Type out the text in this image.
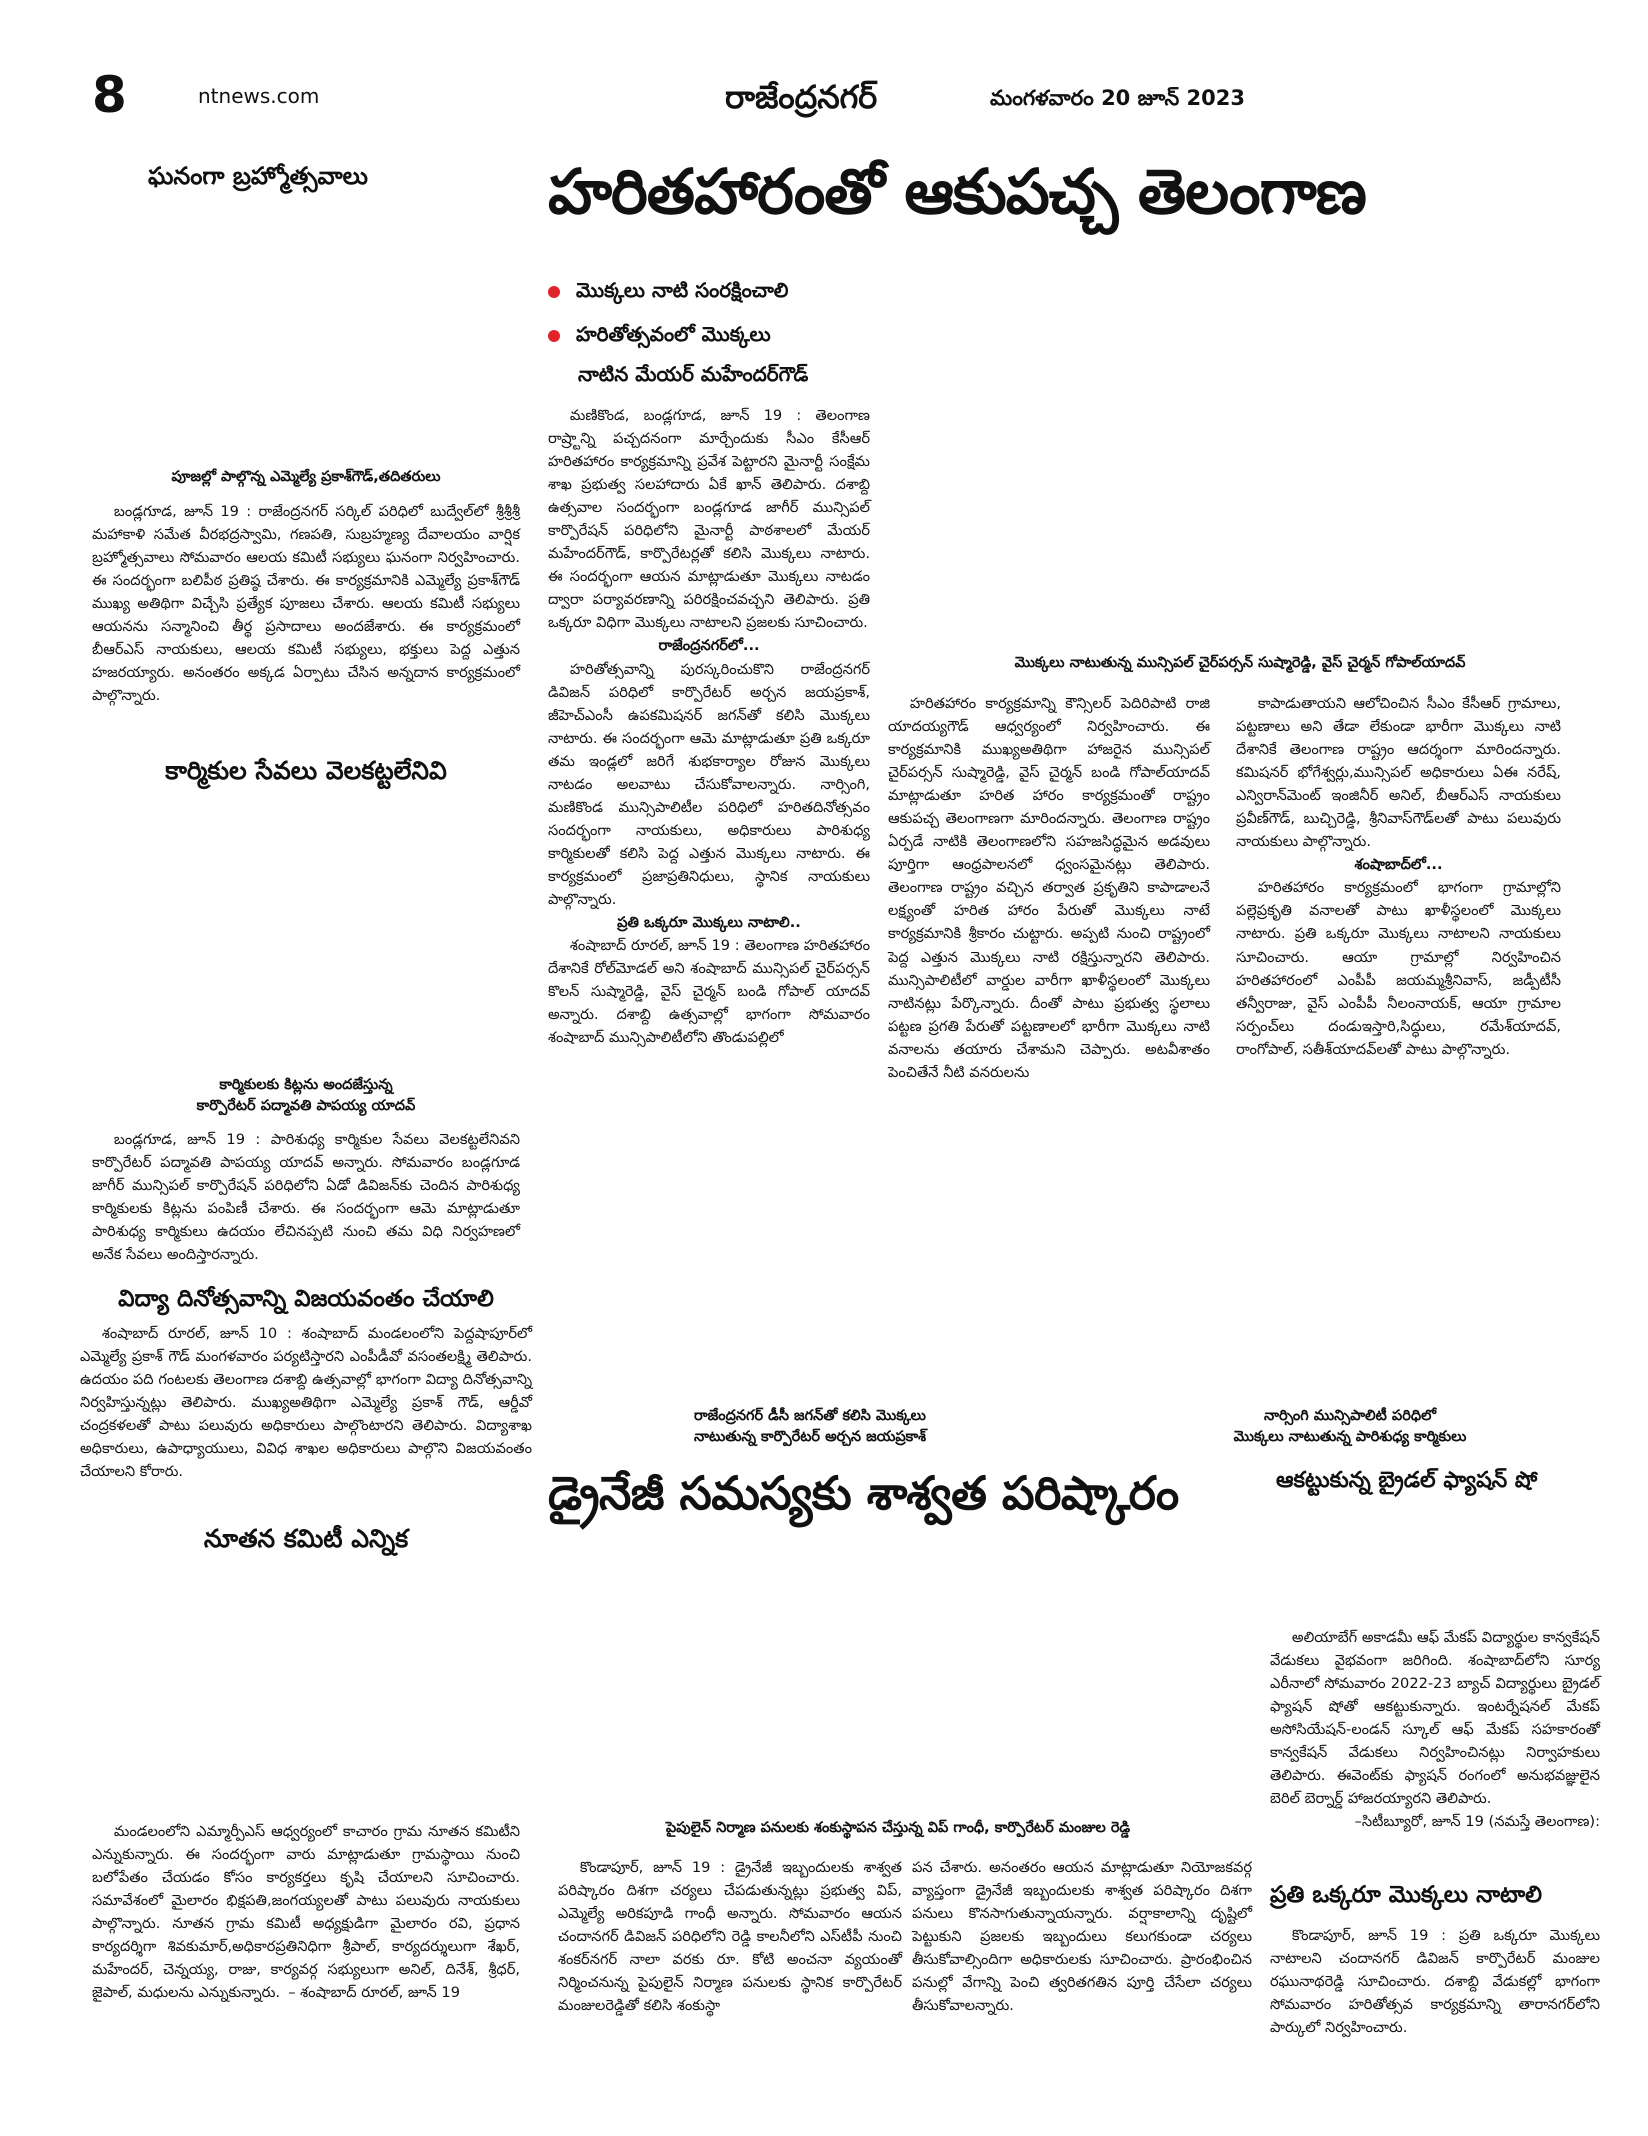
8	ntnews.com	రాజేంద్రనగర్	మంగళవారం 20 జూన్ 2023
హరితహారంతో ఆకుపచ్చ తెలంగాణ
మొక్కలు నాటి సంరక్షించాలి
హరితోత్సవంలో మొక్కలు
నాటిన మేయర్ మహేందర్‌గౌడ్
మొక్కలు నాటుతున్న మున్సిపల్ చైర్‌పర్సన్ సుష్మారెడ్డి, వైస్ చైర్మన్ గోపాల్‌యాదవ్

మణికొండ, బండ్లగూడ, జూన్ 19 : తెలంగాణ రాష్ర్టాన్ని పచ్చదనంగా మార్చేందుకు సీఎం కేసీఆర్ హరితహారం కార్యక్రమాన్ని ప్రవేశ పెట్టారని మైనార్టీ సంక్షేమ శాఖ ప్రభుత్వ సలహాదారు ఏకే ఖాన్ తెలిపారు. దశాబ్ది ఉత్సవాల సందర్భంగా బండ్లగూడ జాగీర్ మున్సిపల్ కార్పొరేషన్ పరిధిలోని మైనార్టీ పాఠశాలలో మేయర్ మహేందర్‌గౌడ్, కార్పొరేటర్లతో కలిసి మొక్కలు నాటారు. ఈ సందర్భంగా ఆయన మాట్లాడుతూ మొక్కలు నాటడం ద్వారా పర్యావరణాన్ని పరిరక్షించవచ్చని తెలిపారు. ప్రతి ఒక్కరూ విధిగా మొక్కలు నాటాలని ప్రజలకు సూచించారు.

రాజేంద్రనగర్‌లో...

హరితోత్సవాన్ని పురస్కరించుకొని రాజేంద్రనగర్ డివిజన్ పరిధిలో కార్పొరేటర్ అర్చన జయప్రకాశ్, జీహెచ్‌ఎంసీ ఉపకమిషనర్ జగన్‌తో కలిసి మొక్కలు నాటారు. ఈ సందర్భంగా ఆమె మాట్లాడుతూ ప్రతి ఒక్కరూ తమ ఇండ్లలో జరిగే శుభకార్యాల రోజున మొక్కలు నాటడం అలవాటు చేసుకోవాలన్నారు. నార్సింగి, మణికొండ మున్సిపాలిటీల పరిధిలో హరితదినోత్సవం సందర్భంగా నాయకులు, అధికారులు పారిశుధ్య కార్మికులతో కలిసి పెద్ద ఎత్తున మొక్కలు నాటారు. ఈ కార్యక్రమంలో ప్రజాప్రతినిధులు, స్థానిక నాయకులు పాల్గొన్నారు.

ప్రతి ఒక్కరూ మొక్కలు నాటాలి..

శంషాబాద్ రూరల్, జూన్ 19 : తెలంగాణ హరితహారం దేశానికే రోల్‌మోడల్ అని శంషాబాద్ మున్సిపల్ చైర్‌పర్సన్ కొలన్ సుష్మారెడ్డి, వైస్ చైర్మన్ బండి గోపాల్ యాదవ్ అన్నారు. దశాబ్ది ఉత్సవాల్లో భాగంగా సోమవారం శంషాబాద్ మున్సిపాలిటీలోని తొండుపల్లిలో

హరితహారం కార్యక్రమాన్ని కౌన్సిలర్ పెదిరిపాటి రాజి యాదయ్యగౌడ్ ఆధ్వర్యంలో నిర్వహించారు. ఈ కార్యక్రమానికి ముఖ్యఅతిథిగా హాజరైన మున్సిపల్ చైర్‌పర్సన్ సుష్మారెడ్డి, వైస్ చైర్మన్ బండి గోపాల్‌యాదవ్ మాట్లాడుతూ హరిత హారం కార్యక్రమంతో రాష్ట్రం ఆకుపచ్చ తెలంగాణగా మారిందన్నారు. తెలంగాణ రాష్ట్రం ఏర్పడే నాటికి తెలంగాణలోని సహజసిద్ధమైన అడవులు పూర్తిగా ఆంధ్రపాలనలో ధ్వంసమైనట్లు తెలిపారు. తెలంగాణ రాష్ట్రం వచ్చిన తర్వాత ప్రకృతిని కాపాడాలనే లక్ష్యంతో హరిత హారం పేరుతో మొక్కలు నాటే కార్యక్రమానికి శ్రీకారం చుట్టారు. అప్పటి నుంచి రాష్ట్రంలో పెద్ద ఎత్తున మొక్కలు నాటి రక్షిస్తున్నారని తెలిపారు. మున్సిపాలిటీలో వార్డుల వారీగా ఖాళీస్థలంలో మొక్కలు నాటినట్లు పేర్కొన్నారు. దీంతో పాటు ప్రభుత్వ స్థలాలు పట్టణ ప్రగతి పేరుతో పట్టణాలలో భారీగా మొక్కలు నాటి వనాలను తయారు చేశామని చెప్పారు. అటవీశాతం పెంచితేనే నీటి వనరులను

కాపాడుతాయని ఆలోచించిన సీఎం కేసీఆర్ గ్రామాలు, పట్టణాలు అని తేడా లేకుండా భారీగా మొక్కలు నాటి దేశానికే తెలంగాణ రాష్ట్రం ఆదర్శంగా మారిందన్నారు. కమిషనర్ భోగేశ్వర్లు,మున్సిపల్ అధికారులు ఏఈ నరేష్, ఎన్విరాన్‌మెంట్ ఇంజినీర్ అనిల్, బీఆర్‌ఎస్ నాయకులు ప్రవీణ్‌గౌడ్, బుచ్చిరెడ్డి, శ్రీనివాస్‌గౌడ్‌లతో పాటు పలువురు నాయకులు పాల్గొన్నారు.

శంషాబాద్‌లో...

హరితహారం కార్యక్రమంలో భాగంగా గ్రామాల్లోని పల్లెప్రకృతి వనాలతో పాటు ఖాళీస్థలంలో మొక్కలు నాటారు. ప్రతి ఒక్కరూ మొక్కలు నాటాలని నాయకులు సూచించారు. ఆయా గ్రామాల్లో నిర్వహించిన హరితహారంలో ఎంపీపీ జయమ్మశ్రీనివాస్, జడ్పీటీసీ తన్వీరాజు, వైస్ ఎంపీపీ నీలంనాయక్, ఆయా గ్రామాల సర్పంచ్‌లు దండుఇస్తారి,సిద్ధులు, రమేశ్‌యాదవ్, రాంగోపాల్, సతీశ్‌యాదవ్‌లతో పాటు పాల్గొన్నారు.

ఘనంగా బ్రహ్మోత్సవాలు
పూజల్లో పాల్గొన్న ఎమ్మెల్యే ప్రకాశ్‌గౌడ్,తదితరులు

బండ్లగూడ, జూన్ 19 : రాజేంద్రనగర్ సర్కిల్ పరిధిలో బుద్వేల్‌లో శ్రీశ్రీశ్రీ మహాకాళి సమేత వీరభద్రస్వామి, గణపతి, సుబ్రహ్మణ్య దేవాలయం వార్షిక బ్రహ్మోత్సవాలు సోమవారం ఆలయ కమిటీ సభ్యులు ఘనంగా నిర్వహించారు. ఈ సందర్భంగా బలిపీఠ ప్రతిష్ఠ చేశారు. ఈ కార్యక్రమానికి ఎమ్మెల్యే ప్రకాశ్‌గౌడ్ ముఖ్య అతిథిగా విచ్చేసి ప్రత్యేక పూజలు చేశారు. ఆలయ కమిటీ సభ్యులు ఆయనను సన్మానించి తీర్థ ప్రసాదాలు అందజేశారు. ఈ కార్యక్రమంలో బీఆర్‌ఎస్ నాయకులు, ఆలయ కమిటీ సభ్యులు, భక్తులు పెద్ద ఎత్తున హజరయ్యారు. అనంతరం అక్కడ ఏర్పాటు చేసిన అన్నదాన కార్యక్రమంలో పాల్గొన్నారు.

కార్మికుల సేవలు వెలకట్టలేనివి
కార్మికులకు కిట్లను అందజేస్తున్న
కార్పొరేటర్ పద్మావతి పాపయ్య యాదవ్

బండ్లగూడ, జూన్ 19 : పారిశుధ్య కార్మికుల సేవలు వెలకట్టలేనివని కార్పొరేటర్ పద్మావతి పాపయ్య యాదవ్ అన్నారు. సోమవారం బండ్లగూడ జాగీర్ మున్సిపల్ కార్పొరేషన్ పరిధిలోని ఏడో డివిజన్‌కు చెందిన పారిశుధ్య కార్మికులకు కిట్లను పంపిణీ చేశారు. ఈ సందర్భంగా ఆమె మాట్లాడుతూ పారిశుధ్య కార్మికులు ఉదయం లేచినప్పటి నుంచి తమ విధి నిర్వహణలో అనేక సేవలు అందిస్తారన్నారు.

విద్యా దినోత్సవాన్ని విజయవంతం చేయాలి

శంషాబాద్ రూరల్, జూన్ 10 : శంషాబాద్ మండలంలోని పెద్దషాపూర్‌లో ఎమ్మెల్యే ప్రకాశ్ గౌడ్ మంగళవారం పర్యటిస్తారని ఎంపీడీవో వసంతలక్ష్మి తెలిపారు. ఉదయం పది గంటలకు తెలంగాణ దశాబ్ది ఉత్సవాల్లో భాగంగా విద్యా దినోత్సవాన్ని నిర్వహిస్తున్నట్లు తెలిపారు. ముఖ్యఅతిథిగా ఎమ్మెల్యే ప్రకాశ్ గౌడ్, ఆర్డీవో చంద్రకళలతో పాటు పలువురు అధికారులు పాల్గొంటారని తెలిపారు. విద్యాశాఖ అధికారులు, ఉపాధ్యాయులు, వివిధ శాఖల అధికారులు పాల్గొని విజయవంతం చేయాలని కోరారు.

నూతన కమిటీ ఎన్నిక

మండలంలోని ఎమ్మార్పీఎస్ ఆధ్వర్యంలో కాచారం గ్రామ నూతన కమిటీని ఎన్నుకున్నారు. ఈ సందర్భంగా వారు మాట్లాడుతూ గ్రామస్థాయి నుంచి బలోపేతం చేయడం కోసం కార్యకర్తలు కృషి చేయాలని సూచించారు. సమావేశంలో మైలారం భిక్షపతి,జంగయ్యలతో పాటు పలువురు నాయకులు పాల్గొన్నారు. నూతన గ్రామ కమిటీ అధ్యక్షుడిగా మైలారం రవి, ప్రధాన కార్యదర్శిగా శివకుమార్,అధికారప్రతినిధిగా శ్రీపాల్, కార్యదర్శులుగా శేఖర్, మహేందర్, చెన్నయ్య, రాజు, కార్యవర్గ సభ్యులుగా అనిల్, దినేశ్, శ్రీధర్, జైపాల్, మధులను ఎన్నుకున్నారు. – శంషాబాద్ రూరల్, జూన్ 19
రాజేంద్రనగర్ డీసీ జగన్‌తో కలిసి మొక్కలు
నాటుతున్న కార్పొరేటర్ అర్చన జయప్రకాశ్
నార్సింగి మున్సిపాలిటీ పరిధిలో
మొక్కలు నాటుతున్న పారిశుధ్య కార్మికులు
డ్రైనేజీ సమస్యకు శాశ్వత పరిష్కారం	ఆకట్టుకున్న బ్రైడల్ ఫ్యాషన్ షో
పైపులైన్ నిర్మాణ పనులకు శంకుస్థాపన చేస్తున్న విప్ గాంధీ, కార్పొరేటర్ మంజుల రెడ్డి

కొండాపూర్, జూన్ 19 : డ్రైనేజీ ఇబ్బందులకు శాశ్వత పరిష్కారం దిశగా చర్యలు చేపడుతున్నట్లు ప్రభుత్వ విప్, ఎమ్మెల్యే అరికపూడి గాంధీ అన్నారు. సోమవారం ఆయన చందానగర్ డివిజన్ పరిధిలోని రెడ్డి కాలనీలోని ఎస్‌టీపీ నుంచి శంకర్‌నగర్ నాలా వరకు రూ. కోటి అంచనా వ్యయంతో నిర్మించనున్న పైపులైన్ నిర్మాణ పనులకు స్థానిక కార్పొరేటర్ మంజులరెడ్డితో కలిసి శంకుస్థా

పన చేశారు. అనంతరం ఆయన మాట్లాడుతూ నియోజకవర్గ వ్యాప్తంగా డ్రైనేజీ ఇబ్బందులకు శాశ్వత పరిష్కారం దిశగా పనులు కొనసాగుతున్నాయన్నారు. వర్షాకాలాన్ని దృష్టిలో పెట్టుకుని ప్రజలకు ఇబ్బందులు కలుగకుండా చర్యలు తీసుకోవాల్సిందిగా అధికారులకు సూచించారు. ప్రారంభించిన పనుల్లో వేగాన్ని పెంచి త్వరితగతిన పూర్తి చేసేలా చర్యలు తీసుకోవాలన్నారు.

అలియాబేగ్ అకాడమీ ఆఫ్ మేకప్ విద్యార్థుల కాన్వకేషన్ వేడుకలు వైభవంగా జరిగింది. శంషాబాద్‌లోని సూర్య ఎరీనాలో సోమవారం 2022-23 బ్యాచ్ విద్యార్థులు బ్రైడల్ ఫ్యాషన్ షోతో ఆకట్టుకున్నారు. ఇంటర్నేషనల్ మేకప్ అసోసియేషన్-లండన్ స్కూల్ ఆఫ్ మేకప్ సహకారంతో కాన్వకేషన్ వేడుకలు నిర్వహించినట్లు నిర్వాహకులు తెలిపారు. ఈవెంట్‌కు ఫ్యాషన్ రంగంలో అనుభవజ్ఞులైన బెరిల్ బెర్నార్డ్ హాజరయ్యారని తెలిపారు.

–సిటీబ్యూరో, జూన్ 19 (నమస్తే తెలంగాణ):
ప్రతి ఒక్కరూ మొక్కలు నాటాలి

కొండాపూర్, జూన్ 19 : ప్రతి ఒక్కరూ మొక్కలు నాటాలని చందానగర్ డివిజన్ కార్పొరేటర్ మంజుల రఘునాథరెడ్డి సూచించారు. దశాబ్ది వేడుకల్లో భాగంగా సోమవారం హరితోత్సవ కార్యక్రమాన్ని తారానగర్‌లోని పార్కులో నిర్వహించారు.
